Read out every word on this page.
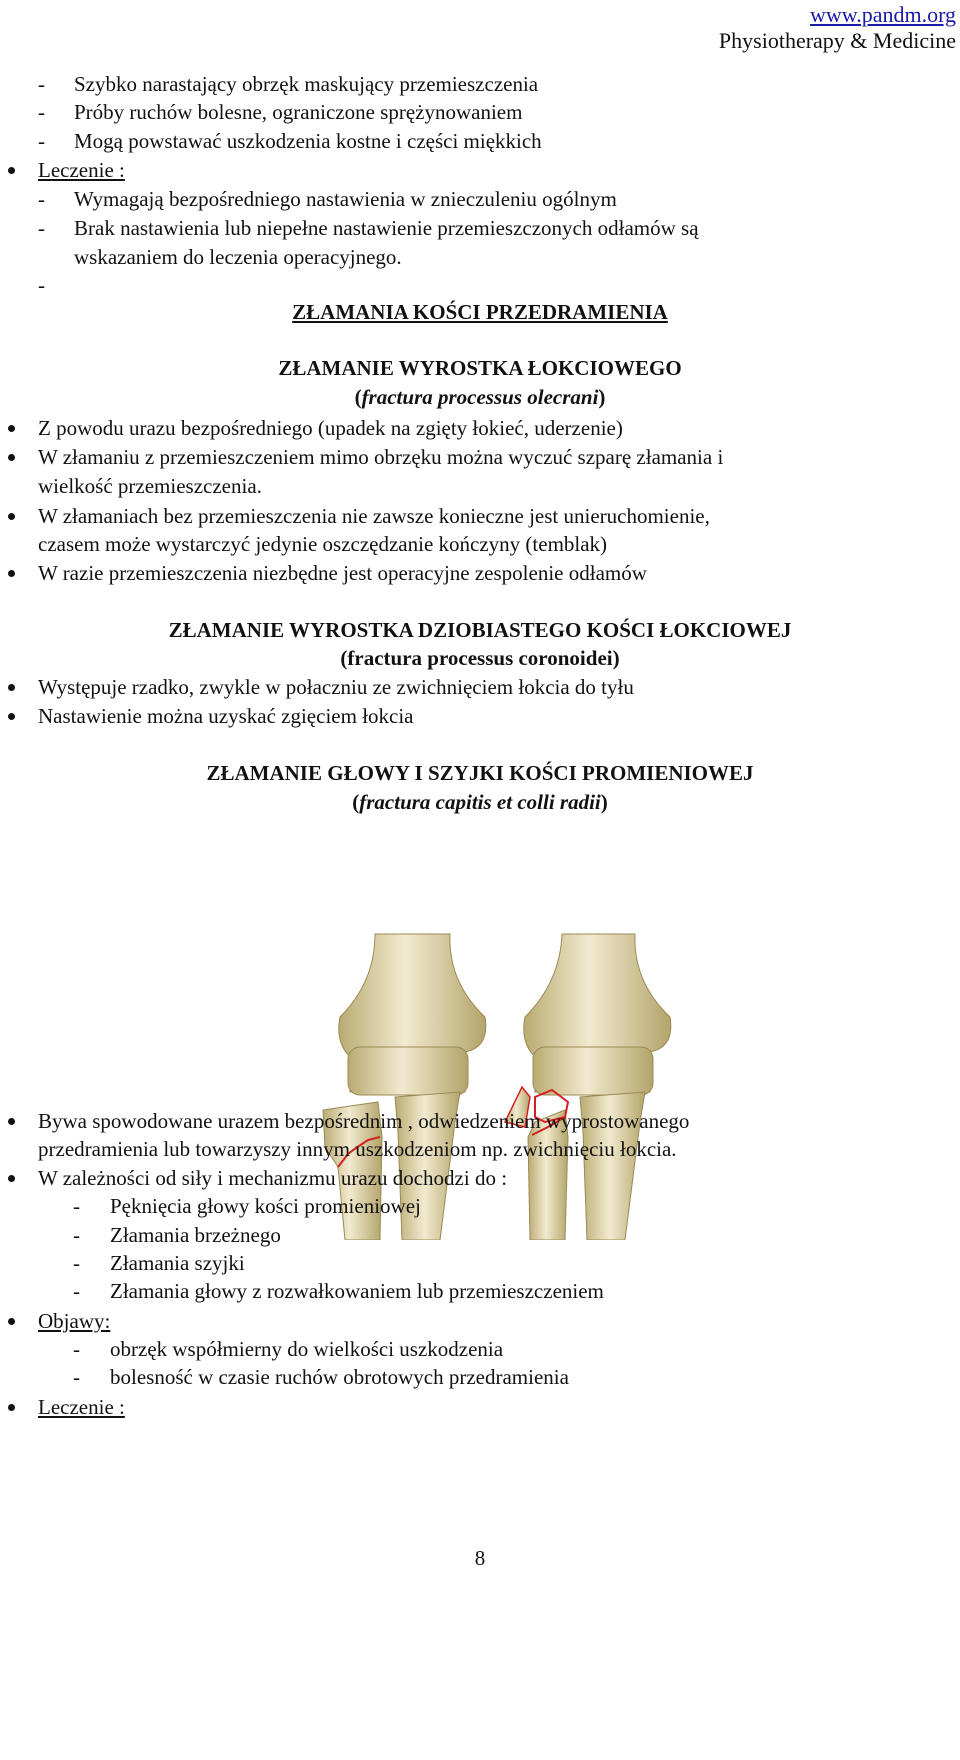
www.pandm.org
Physiotherapy & Medicine
- Szybko narastający obrzęk maskujący przemieszczenia
- Próby ruchów bolesne, ograniczone sprężynowaniem
- Mogą powstawać uszkodzenia kostne i części miękkich
Leczenie :
- Wymagają bezpośredniego nastawienia w znieczuleniu ogólnym
- Brak nastawienia lub niepełne nastawienie przemieszczonych odłamów są
wskazaniem do leczenia operacyjnego.
-
ZŁAMANIA KOŚCI PRZEDRAMIENIA
ZŁAMANIE WYROSTKA ŁOKCIOWEGO
(fractura processus olecrani)
Z powodu urazu bezpośredniego (upadek na zgięty łokieć, uderzenie)
W złamaniu z przemieszczeniem mimo obrzęku można wyczuć szparę złamania i
wielkość przemieszczenia.
W złamaniach bez przemieszczenia nie zawsze konieczne jest unieruchomienie,
czasem może wystarczyć jedynie oszczędzanie kończyny (temblak)
W razie przemieszczenia niezbędne jest operacyjne zespolenie odłamów
ZŁAMANIE WYROSTKA DZIOBIASTEGO KOŚCI ŁOKCIOWEJ
(fractura processus coronoidei)
Występuje rzadko, zwykle w połaczniu ze zwichnięciem łokcia do tyłu
Nastawienie można uzyskać zgięciem łokcia
ZŁAMANIE GŁOWY I SZYJKI KOŚCI PROMIENIOWEJ
(fractura capitis et colli radii)
Bywa spowodowane urazem bezpośrednim , odwiedzeniem wyprostowanego
przedramienia lub towarzyszy innym uszkodzeniom np. zwichnięciu łokcia.
W zależności od siły i mechanizmu urazu dochodzi do :
- Pęknięcia głowy kości promieniowej
- Złamania brzeżnego
- Złamania szyjki
- Złamania głowy z rozwałkowaniem lub przemieszczeniem
Objawy:
- obrzęk współmierny do wielkości uszkodzenia
- bolesność w czasie ruchów obrotowych przedramienia
Leczenie :
8
